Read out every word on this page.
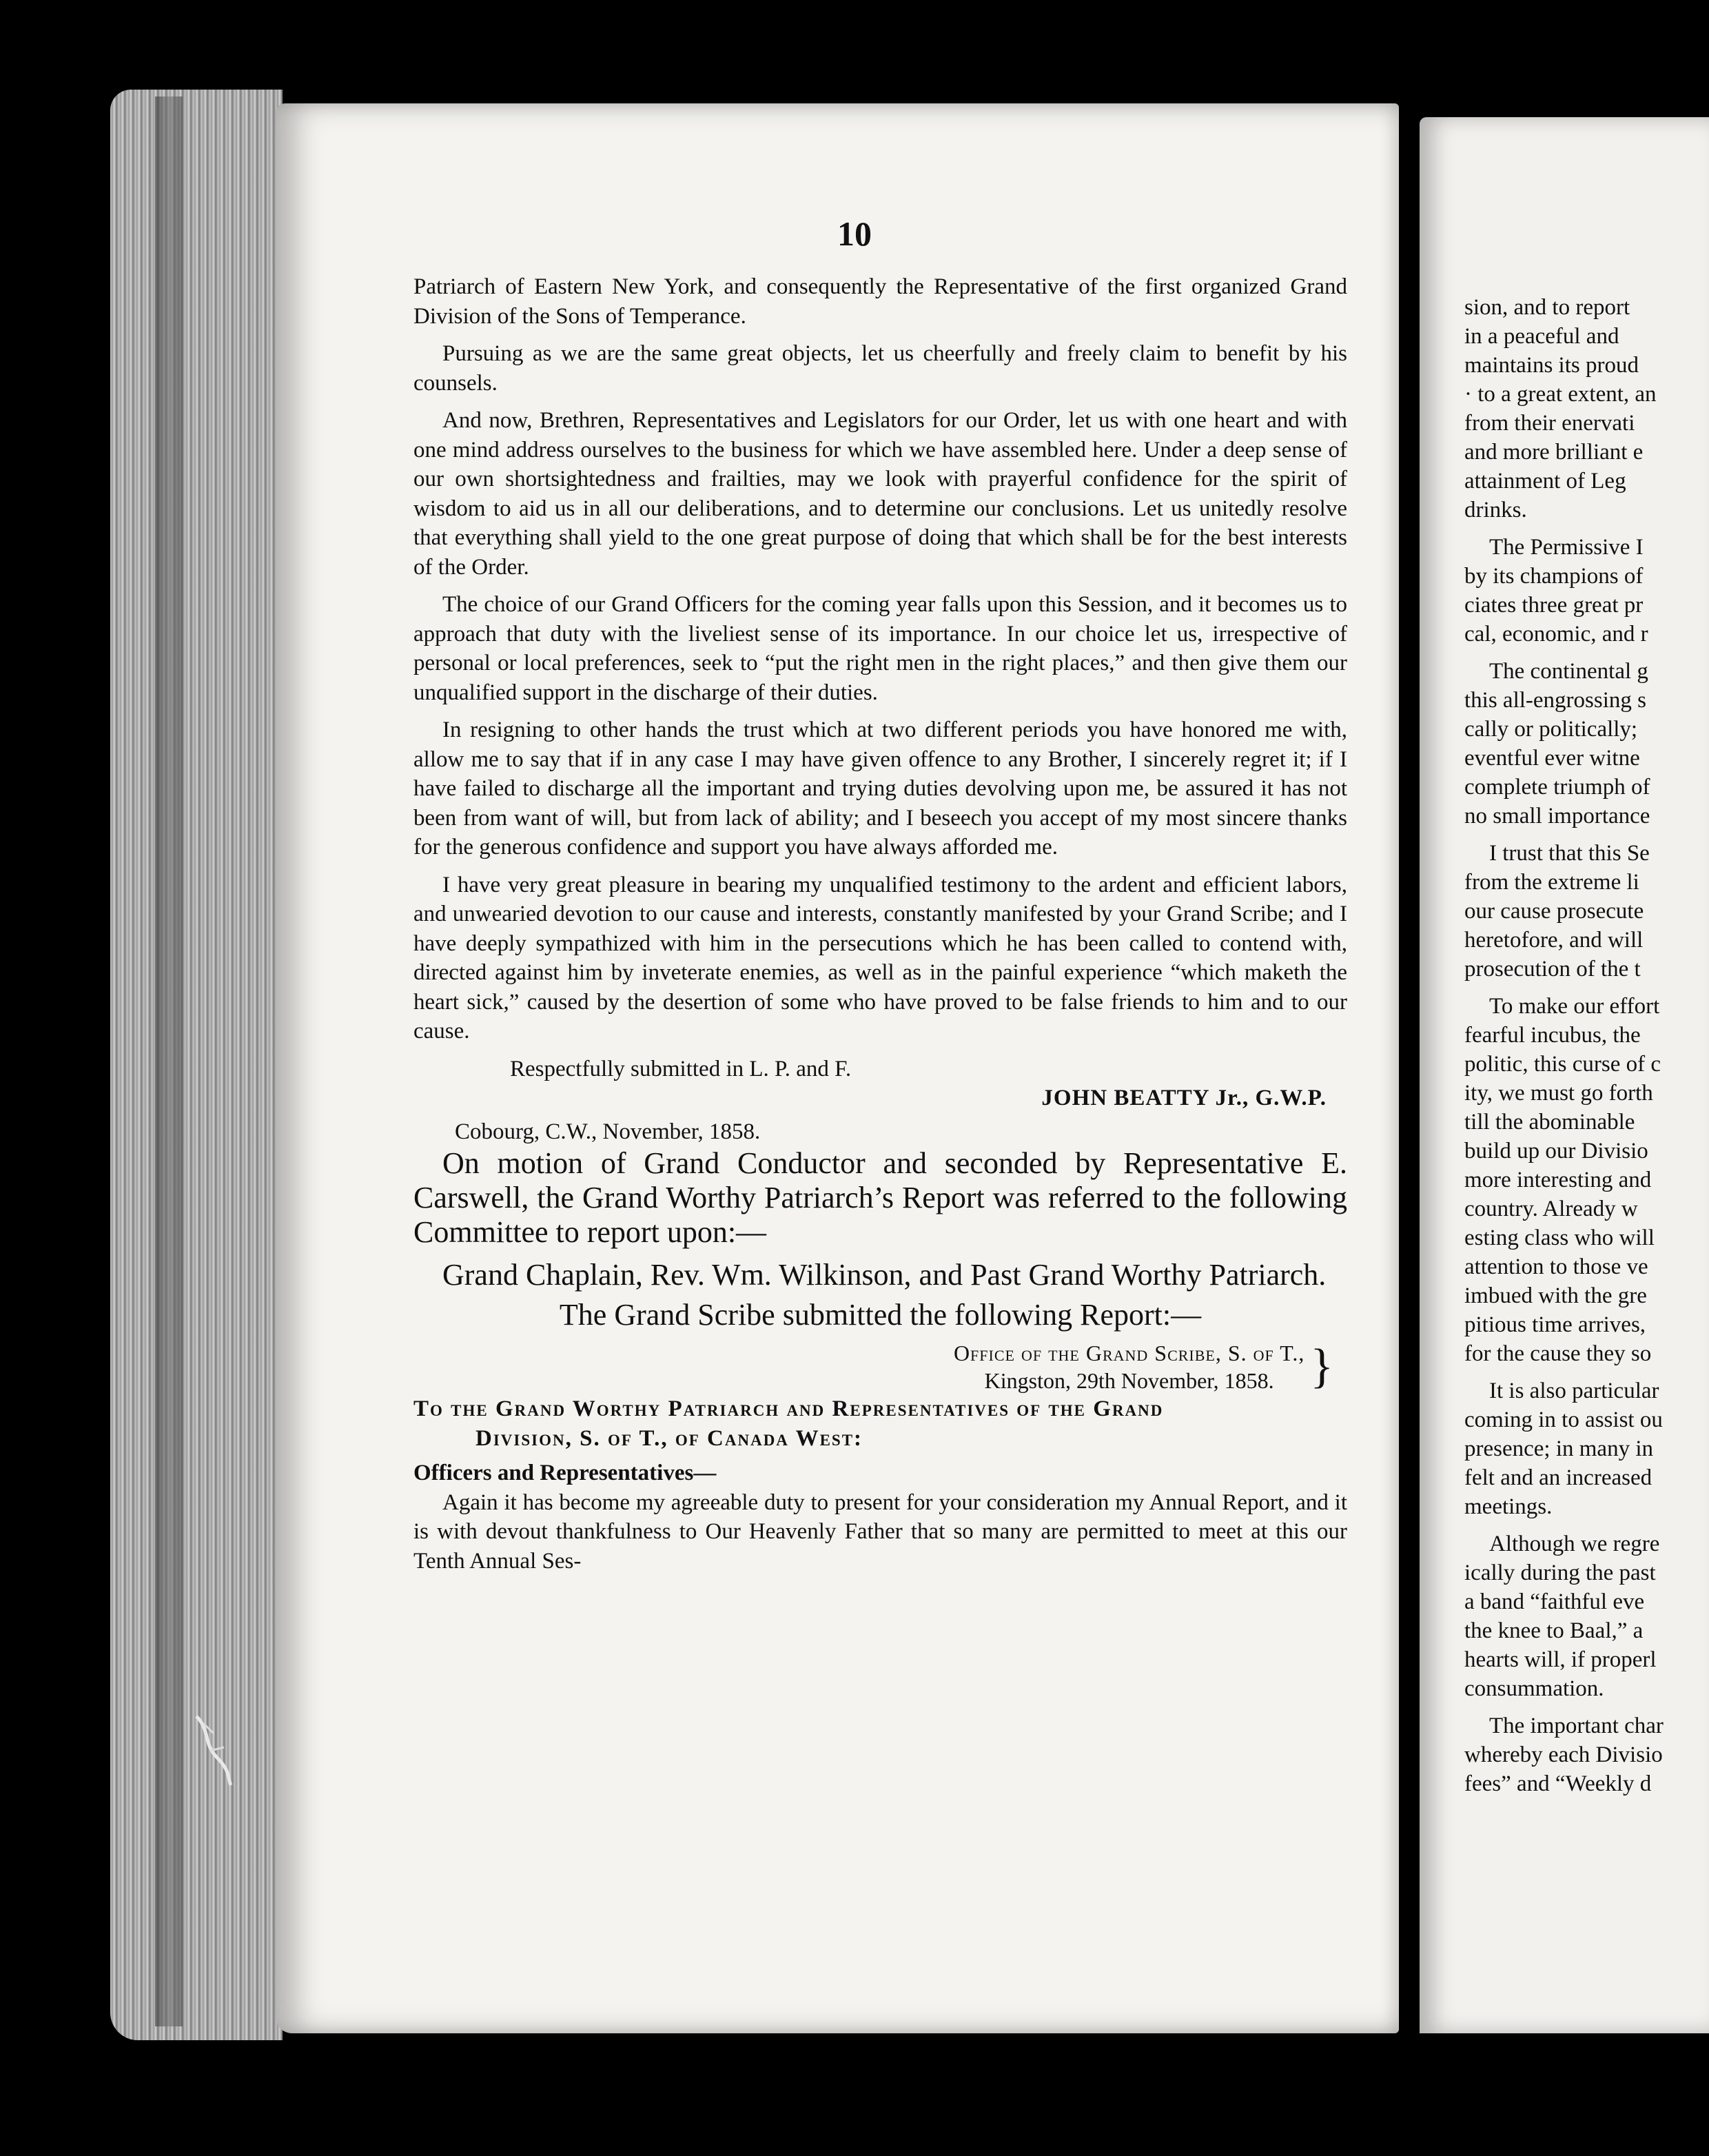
10

Patriarch of Eastern New York, and consequently the Representative of the first organized Grand Division of the Sons of Temperance.

Pursuing as we are the same great objects, let us cheerfully and freely claim to benefit by his counsels.

And now, Brethren, Representatives and Legislators for our Order, let us with one heart and with one mind address ourselves to the business for which we have assembled here. Under a deep sense of our own shortsightedness and frailties, may we look with prayerful confidence for the spirit of wisdom to aid us in all our deliberations, and to determine our conclusions. Let us unitedly resolve that everything shall yield to the one great purpose of doing that which shall be for the best interests of the Order.

The choice of our Grand Officers for the coming year falls upon this Session, and it becomes us to approach that duty with the liveliest sense of its importance. In our choice let us, irrespective of personal or local preferences, seek to “put the right men in the right places,” and then give them our unqualified support in the discharge of their duties.

In resigning to other hands the trust which at two different periods you have honored me with, allow me to say that if in any case I may have given offence to any Brother, I sincerely regret it; if I have failed to discharge all the important and trying duties devolving upon me, be assured it has not been from want of will, but from lack of ability; and I beseech you accept of my most sincere thanks for the generous confidence and support you have always afforded me.

I have very great pleasure in bearing my unqualified testimony to the ardent and efficient labors, and unwearied devotion to our cause and interests, constantly manifested by your Grand Scribe; and I have deeply sympathized with him in the persecutions which he has been called to contend with, directed against him by inveterate enemies, as well as in the painful experience “which maketh the heart sick,” caused by the desertion of some who have proved to be false friends to him and to our cause.

Respectfully submitted in L. P. and F.

JOHN BEATTY Jr., G.W.P.

Cobourg, C.W., November, 1858.

On motion of Grand Conductor and seconded by Representative E. Carswell, the Grand Worthy Patriarch’s Report was referred to the following Committee to report upon:—

Grand Chaplain, Rev. Wm. Wilkinson, and Past Grand Worthy Patriarch.

The Grand Scribe submitted the following Report:—

Office of the Grand Scribe, S. of T.,
Kingston, 29th November, 1858. }
To the Grand Worthy Patriarch and Representatives of the Grand
Division, S. of T., of Canada West:

Officers and Representatives—

Again it has become my agreeable duty to present for your consideration my Annual Report, and it is with devout thankfulness to Our Heavenly Father that so many are permitted to meet at this our Tenth Annual Ses-

sion, and to report

in a peaceful and

maintains its proud

· to a great extent, an

from their enervati

and more brilliant e

attainment of Leg

drinks.

The Permissive I

by its champions of

ciates three great pr

cal, economic, and r

The continental g

this all-engrossing s

cally or politically;

eventful ever witne

complete triumph of

no small importance

I trust that this Se

from the extreme li

our cause prosecute

heretofore, and will

prosecution of the t

To make our effort

fearful incubus, the

politic, this curse of c

ity, we must go forth

till the abominable

build up our Divisio

more interesting and

country. Already w

esting class who will

attention to those ve

imbued with the gre

pitious time arrives,

for the cause they so

It is also particular

coming in to assist ou

presence; in many in

felt and an increased

meetings.

Although we regre

ically during the past

a band “faithful eve

the knee to Baal,” a

hearts will, if properl

consummation.

The important char

whereby each Divisio

fees” and “Weekly d
